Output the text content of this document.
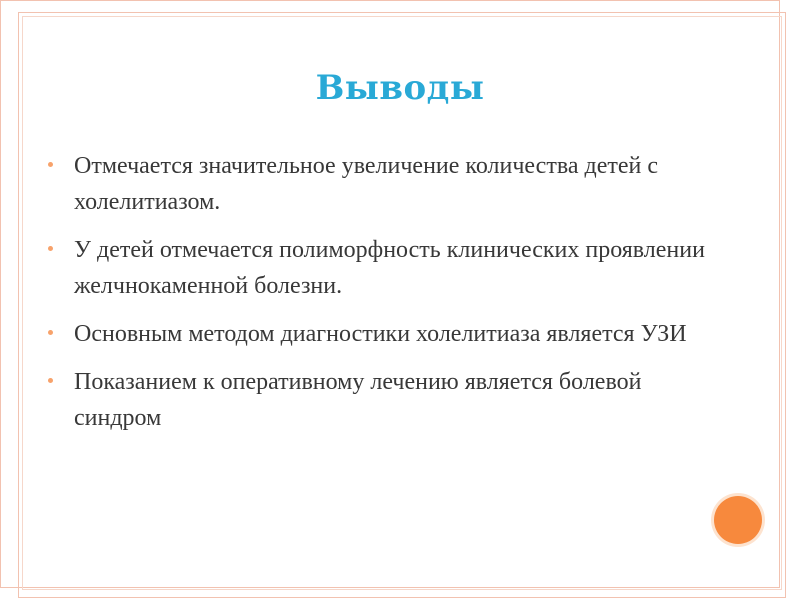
Выводы
Отмечается значительное увеличение количества детей с холелитиазом.
У детей отмечается полиморфность клинических проявлении желчнокаменной болезни.
Основным методом диагностики холелитиаза является УЗИ
Показанием к оперативному лечению является болевой синдром
